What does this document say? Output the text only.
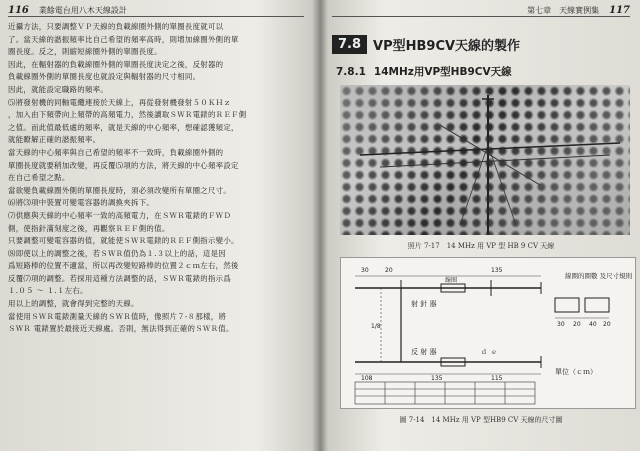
116 業餘電台用八木天線設計

近攝方法，只要調整ＶＰ天線的負載線圈外側的單圈長度就可以

了。當天線的諧振頻率比自己希望的頻率高時，則增加線圈外側的單

圈長度。反之，則縮短線圈外側的單圈長度。

因此，在輻射器的負載線圈外側的單圈長度決定之後，反射器的

負載線圈外側的單圈長度也就設定與輻射器的尺寸相同。

因此，就能設定職路的頻率。

⑸將發射機的同軸電纜連接於天線上，再從發射機發射５０ＫＨｚ

，加入由下頻帶向上頻帶的高頻電力，然後讀取ＳＷＲ電錶的ＲＥＦ側

之值。而此值最低處的頻率，就是天線的中心頻率，想確認獲頻定，

就能瞭解正確的諧振頻率。

當天線的中心頻率與自己希望的頻率不一致時，負載線圈外側的

單圈長度就要稍加改變，再反覆⑸項的方法，將天線的中心頻率設定

在自己希望之點。

當欲變負載線圈外側的單圈長度時，須必須改變所有單圈之尺寸。

⑹將⑶項中裝置可變電容器的調換夾拆下。

⑺供應與天線的中心頻率一致的高頻電力，在ＳＷＲ電錶的ＦＷＤ

側，使指針滿刻度之後，再觀察ＲＥＦ側的值。

只要調整可變電容器的值，就能使ＳＷＲ電錶的ＲＥＦ側指示變小。

⑻即使以上的調整之後，若ＳＷＲ值仍為１.３以上的話，這是因

爲短路棒的位置不適當，所以再改變短路棒的位置２ｃｍ左右，然後

反覆⑺項的調整。若採用這種方法調整的話，ＳＷＲ電錶的指示爲

１.０５ ～ １.１左右。

用以上的調整，就會得到完整的天線。

當使用ＳＷＲ電錶測量天線的ＳＷＲ值時，像照片７-８那樣，將

ＳＷＲ 電錶置於最接近天線處。否則，無法得到正確的ＳＷＲ值。

第七章　天線實例集 117
7.8 VP型HB9CV天線的製作
7.8.1 14MHz用VP型HB9CV天線
照片 7-17　14 MHz 用 VP 型 HB 9 CV 天線
射 針 器
反 射 器
線圈
線圈的圈數 及尺寸規則
單位（ｃｍ）
30	20	135
115
1/8
108	135
30 20 40 20
ｄ ｅ
圖 7-14　14 MHz 用 VP 型HB9 CV 天線的尺寸圖
